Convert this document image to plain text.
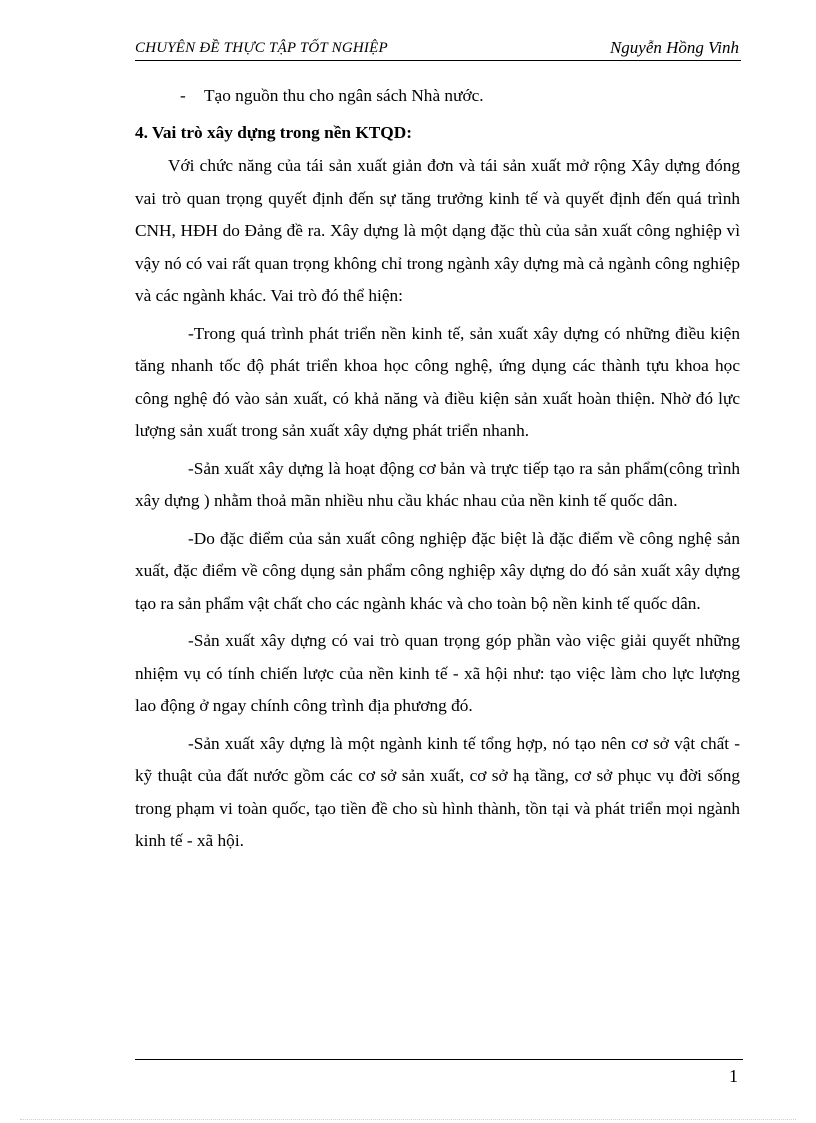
CHUYÊN ĐỀ THỰC TẬP TỐT NGHIỆP	Nguyễn Hồng Vinh

- Tạo nguồn thu cho ngân sách Nhà nước.

4. Vai trò xây dựng trong nền KTQD:

Với chức năng của tái sản xuất giản đơn và tái sản xuất mở rộng Xây dựng đóng vai trò quan trọng quyết định đến sự tăng trưởng kinh tế và quyết định đến quá trình CNH, HĐH do Đảng đề ra. Xây dựng là một dạng đặc thù của sản xuất công nghiệp vì vậy nó có vai rất quan trọng không chỉ trong ngành xây dựng mà cả ngành công nghiệp và các ngành khác. Vai trò đó thể hiện:

-Trong quá trình phát triển nền kinh tế, sản xuất xây dựng có những điều kiện tăng nhanh tốc độ phát triển khoa học công nghệ, ứng dụng các thành tựu khoa học công nghệ đó vào sản xuất, có khả năng và điều kiện sản xuất hoàn thiện. Nhờ đó lực lượng sản xuất trong sản xuất xây dựng phát triển nhanh.

-Sản xuất xây dựng là hoạt động cơ bản và trực tiếp tạo ra sản phẩm(công trình xây dựng ) nhằm thoả mãn nhiều nhu cầu khác nhau của nền kinh tế quốc dân.

-Do đặc điểm của sản xuất công nghiệp đặc biệt là đặc điểm về công nghệ sản xuất, đặc điểm về công dụng sản phẩm công nghiệp xây dựng do đó sản xuất xây dựng tạo ra sản phẩm vật chất cho các ngành khác và cho toàn bộ nền kinh tế quốc dân.

-Sản xuất xây dựng có vai trò quan trọng góp phần vào việc giải quyết những nhiệm vụ có tính chiến lược của nền kinh tế - xã hội như: tạo việc làm cho lực lượng lao động ở ngay chính công trình địa phương đó.

-Sản xuất xây dựng là một ngành kinh tế tổng hợp, nó tạo nên cơ sở vật chất - kỹ thuật của đất nước gồm các cơ sở sản xuất, cơ sở hạ tầng, cơ sở phục vụ đời sống trong phạm vi toàn quốc, tạo tiền đề cho sù hình thành, tồn tại và phát triển mọi ngành kinh tế - xã hội.

1
